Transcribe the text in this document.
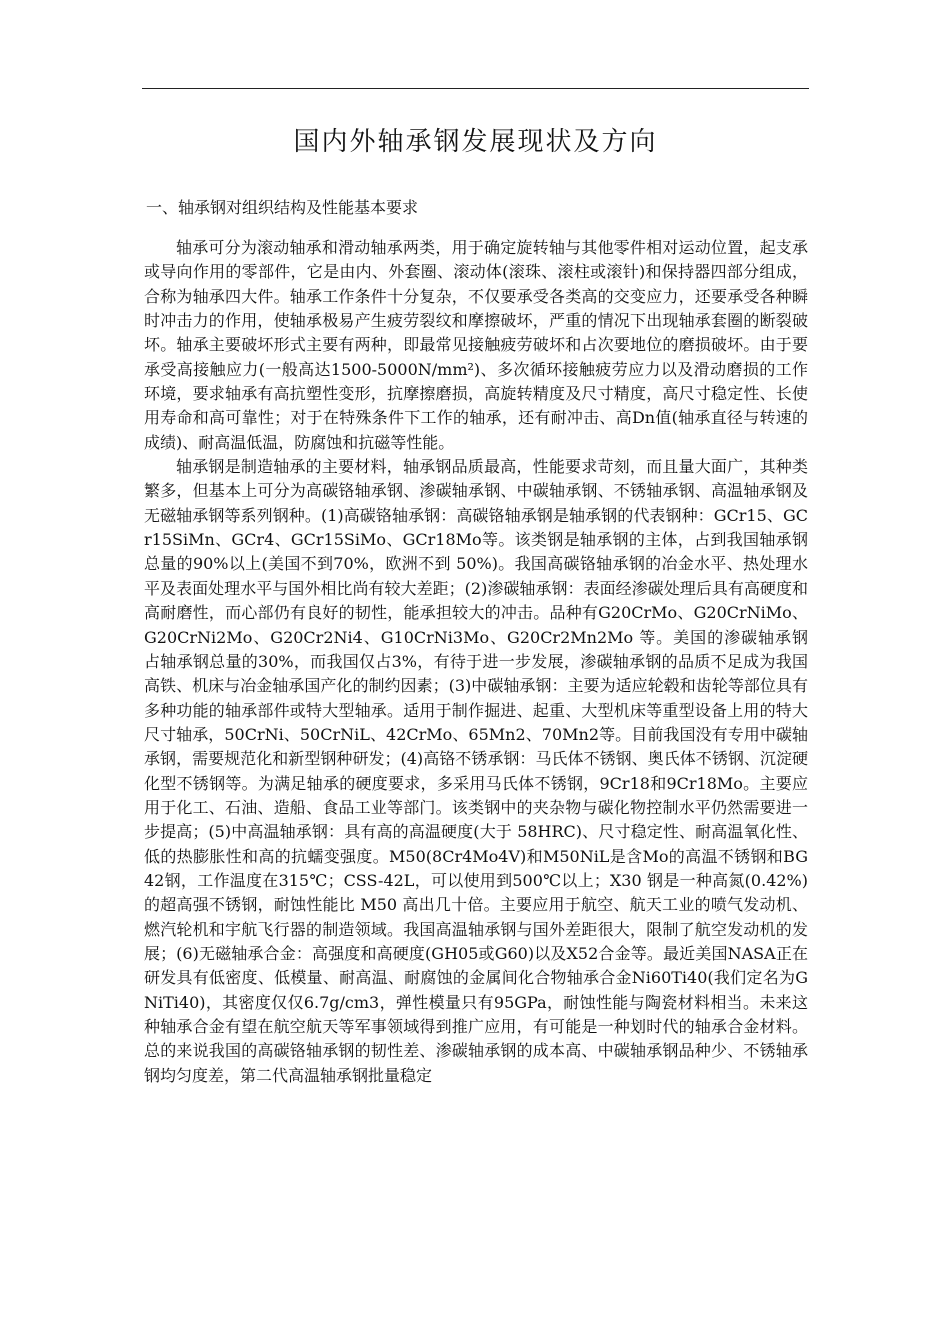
国内外轴承钢发展现状及方向
一、轴承钢对组织结构及性能基本要求

轴承可分为滚动轴承和滑动轴承两类，用于确定旋转轴与其他零件相对运动位置，起支承或导向作用的零部件，它是由内、外套圈、滚动体(滚珠、滚柱或滚针)和保持器四部分组成，合称为轴承四大件。轴承工作条件十分复杂，不仅要承受各类高的交变应力，还要承受各种瞬时冲击力的作用，使轴承极易产生疲劳裂纹和摩擦破坏，严重的情况下出现轴承套圈的断裂破坏。轴承主要破坏形式主要有两种，即最常见接触疲劳破坏和占次要地位的磨损破坏。由于要承受高接触应力(一般高达1500-5000N/mm²)、多次循环接触疲劳应力以及滑动磨损的工作环境，要求轴承有高抗塑性变形，抗摩擦磨损，高旋转精度及尺寸精度，高尺寸稳定性、长使用寿命和高可靠性；对于在特殊条件下工作的轴承，还有耐冲击、高Dn值(轴承直径与转速的成绩)、耐高温低温，防腐蚀和抗磁等性能。

轴承钢是制造轴承的主要材料，轴承钢品质最高，性能要求苛刻，而且量大面广，其种类繁多，但基本上可分为高碳铬轴承钢、渗碳轴承钢、中碳轴承钢、不锈轴承钢、高温轴承钢及无磁轴承钢等系列钢种。(1)高碳铬轴承钢：高碳铬轴承钢是轴承钢的代表钢种：GCr15、GCr15SiMn、GCr4、GCr15SiMo、GCr18Mo等。该类钢是轴承钢的主体，占到我国轴承钢总量的90%以上(美国不到70%，欧洲不到 50%)。我国高碳铬轴承钢的冶金水平、热处理水平及表面处理水平与国外相比尚有较大差距；(2)渗碳轴承钢：表面经渗碳处理后具有高硬度和高耐磨性，而心部仍有良好的韧性，能承担较大的冲击。品种有G20CrMo、G20CrNiMo、G20CrNi2Mo、G20Cr2Ni4、G10CrNi3Mo、G20Cr2Mn2Mo 等。美国的渗碳轴承钢占轴承钢总量的30%，而我国仅占3%，有待于进一步发展，渗碳轴承钢的品质不足成为我国高铁、机床与冶金轴承国产化的制约因素；(3)中碳轴承钢：主要为适应轮毂和齿轮等部位具有多种功能的轴承部件或特大型轴承。适用于制作掘进、起重、大型机床等重型设备上用的特大尺寸轴承，50CrNi、50CrNiL、42CrMo、65Mn2、70Mn2等。目前我国没有专用中碳轴承钢，需要规范化和新型钢种研发；(4)高铬不锈承钢：马氏体不锈钢、奥氏体不锈钢、沉淀硬化型不锈钢等。为满足轴承的硬度要求，多采用马氏体不锈钢，9Cr18和9Cr18Mo。主要应用于化工、石油、造船、食品工业等部门。该类钢中的夹杂物与碳化物控制水平仍然需要进一步提高；(5)中高温轴承钢：具有高的高温硬度(大于 58HRC)、尺寸稳定性、耐高温氧化性、低的热膨胀性和高的抗蠕变强度。M50(8Cr4Mo4V)和M50NiL是含Mo的高温不锈钢和BG42钢，工作温度在315℃；CSS-42L，可以使用到500℃以上；X30 钢是一种高氮(0.42%)的超高强不锈钢，耐蚀性能比 M50 高出几十倍。主要应用于航空、航天工业的喷气发动机、燃汽轮机和宇航飞行器的制造领域。我国高温轴承钢与国外差距很大，限制了航空发动机的发展；(6)无磁轴承合金：高强度和高硬度(GH05或G60)以及X52合金等。最近美国NASA正在研发具有低密度、低模量、耐高温、耐腐蚀的金属间化合物轴承合金Ni60Ti40(我们定名为GNiTi40)，其密度仅仅6.7g/cm3，弹性模量只有95GPa，耐蚀性能与陶瓷材料相当。未来这种轴承合金有望在航空航天等军事领域得到推广应用，有可能是一种划时代的轴承合金材料。总的来说我国的高碳铬轴承钢的韧性差、渗碳轴承钢的成本高、中碳轴承钢品种少、不锈轴承钢均匀度差，第二代高温轴承钢批量稳定
